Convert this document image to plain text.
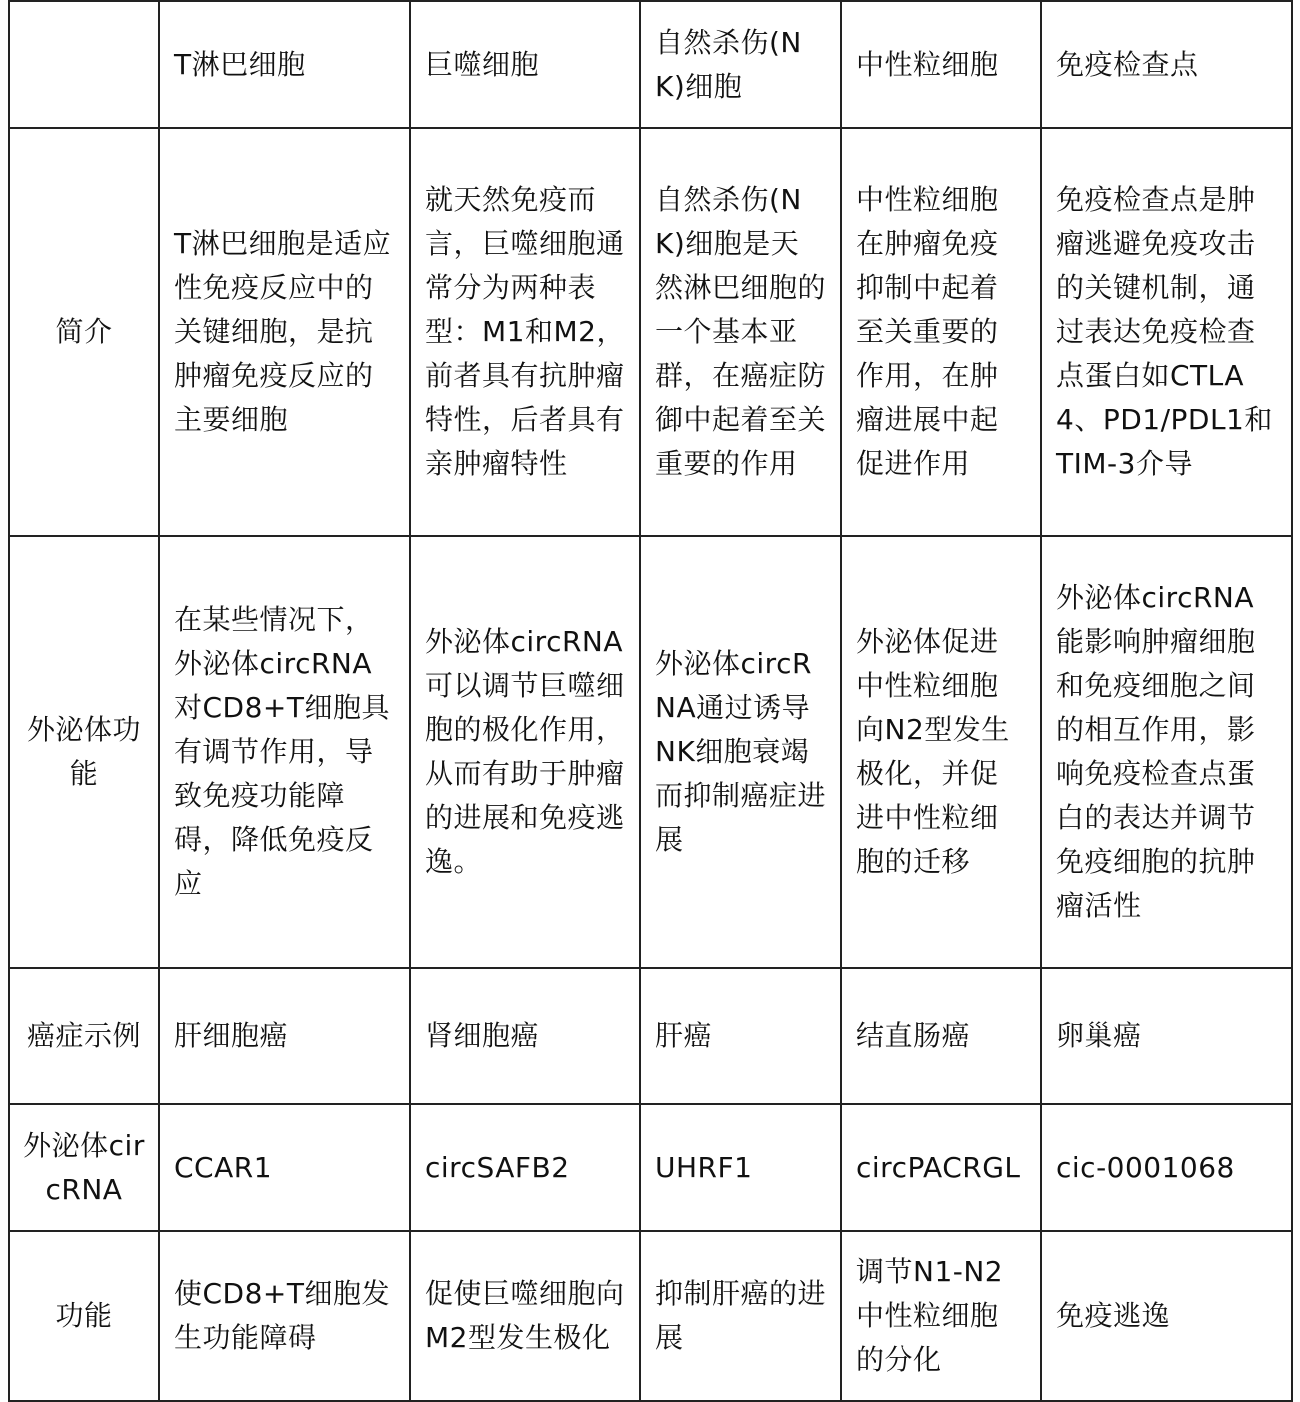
	T淋巴细胞	巨噬细胞	自然杀伤(NK)细胞	中性粒细胞	免疫检查点
简介	T淋巴细胞是适应性免疫反应中的关键细胞，是抗肿瘤免疫反应的主要细胞	就天然免疫而言，巨噬细胞通常分为两种表型：M1和M2，前者具有抗肿瘤特性，后者具有亲肿瘤特性	自然杀伤(NK)细胞是天然淋巴细胞的一个基本亚群，在癌症防御中起着至关重要的作用	中性粒细胞在肿瘤免疫抑制中起着至关重要的作用，在肿瘤进展中起促进作用	免疫检查点是肿瘤逃避免疫攻击的关键机制，通过表达免疫检查点蛋白如CTLA4、PD1/PDL1和TIM-3介导
外泌体功能	在某些情况下，外泌体circRNA对CD8+T细胞具有调节作用，导致免疫功能障碍，降低免疫反应	外泌体circRNA可以调节巨噬细胞的极化作用，从而有助于肿瘤的进展和免疫逃逸。	外泌体circRNA通过诱导NK细胞衰竭而抑制癌症进展	外泌体促进中性粒细胞向N2型发生极化，并促进中性粒细胞的迁移	外泌体circRNA能影响肿瘤细胞和免疫细胞之间的相互作用，影响免疫检查点蛋白的表达并调节免疫细胞的抗肿瘤活性
癌症示例	肝细胞癌	肾细胞癌	肝癌	结直肠癌	卵巢癌
外泌体circRNA	CCAR1	circSAFB2	UHRF1	circPACRGL	cic-0001068
功能	使CD8+T细胞发生功能障碍	促使巨噬细胞向M2型发生极化	抑制肝癌的进展	调节N1-N2中性粒细胞的分化	免疫逃逸
